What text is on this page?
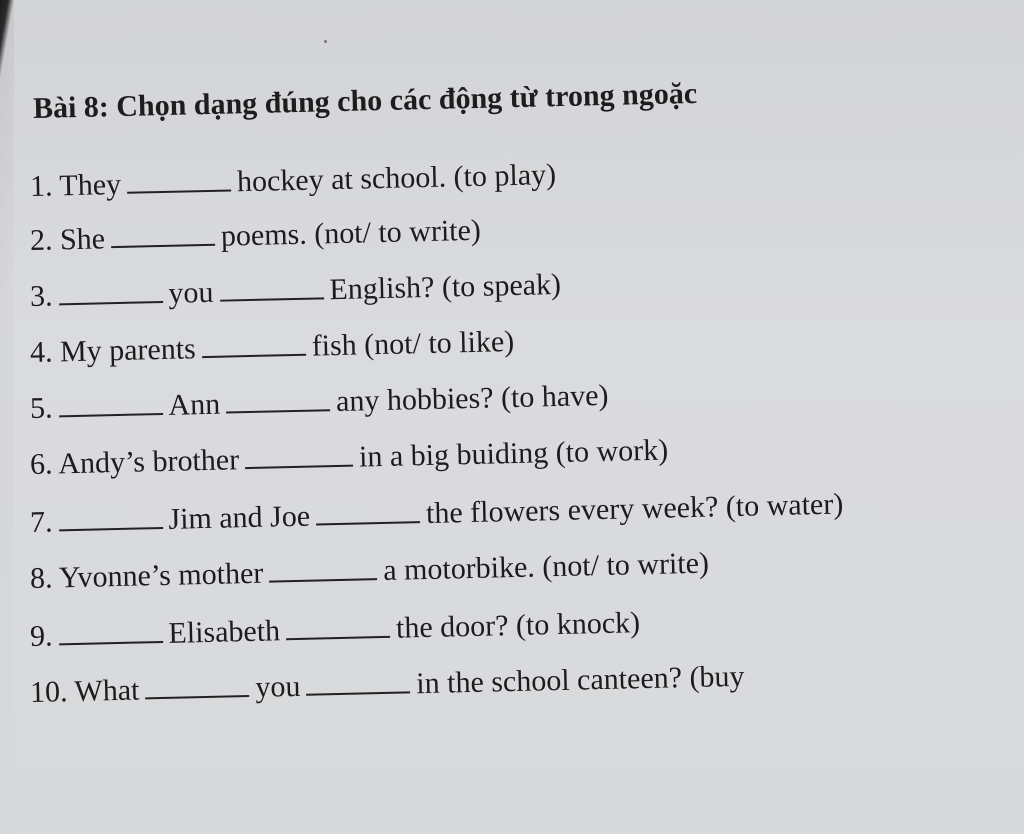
Bài 8: Chọn dạng đúng cho các động từ trong ngoặc
1. They	hockey at school. (to play)
2. She	poems. (not/ to write)
3.	you	English? (to speak)
4. My parents	fish (not/ to like)
5.	Ann	any hobbies? (to have)
6. Andy’s brother	in a big buiding (to work)
7.	Jim and Joe	the flowers every week? (to water)
8. Yvonne’s mother	a motorbike. (not/ to write)
9.	Elisabeth	the door? (to knock)
10. What	you	in the school canteen? (buy
